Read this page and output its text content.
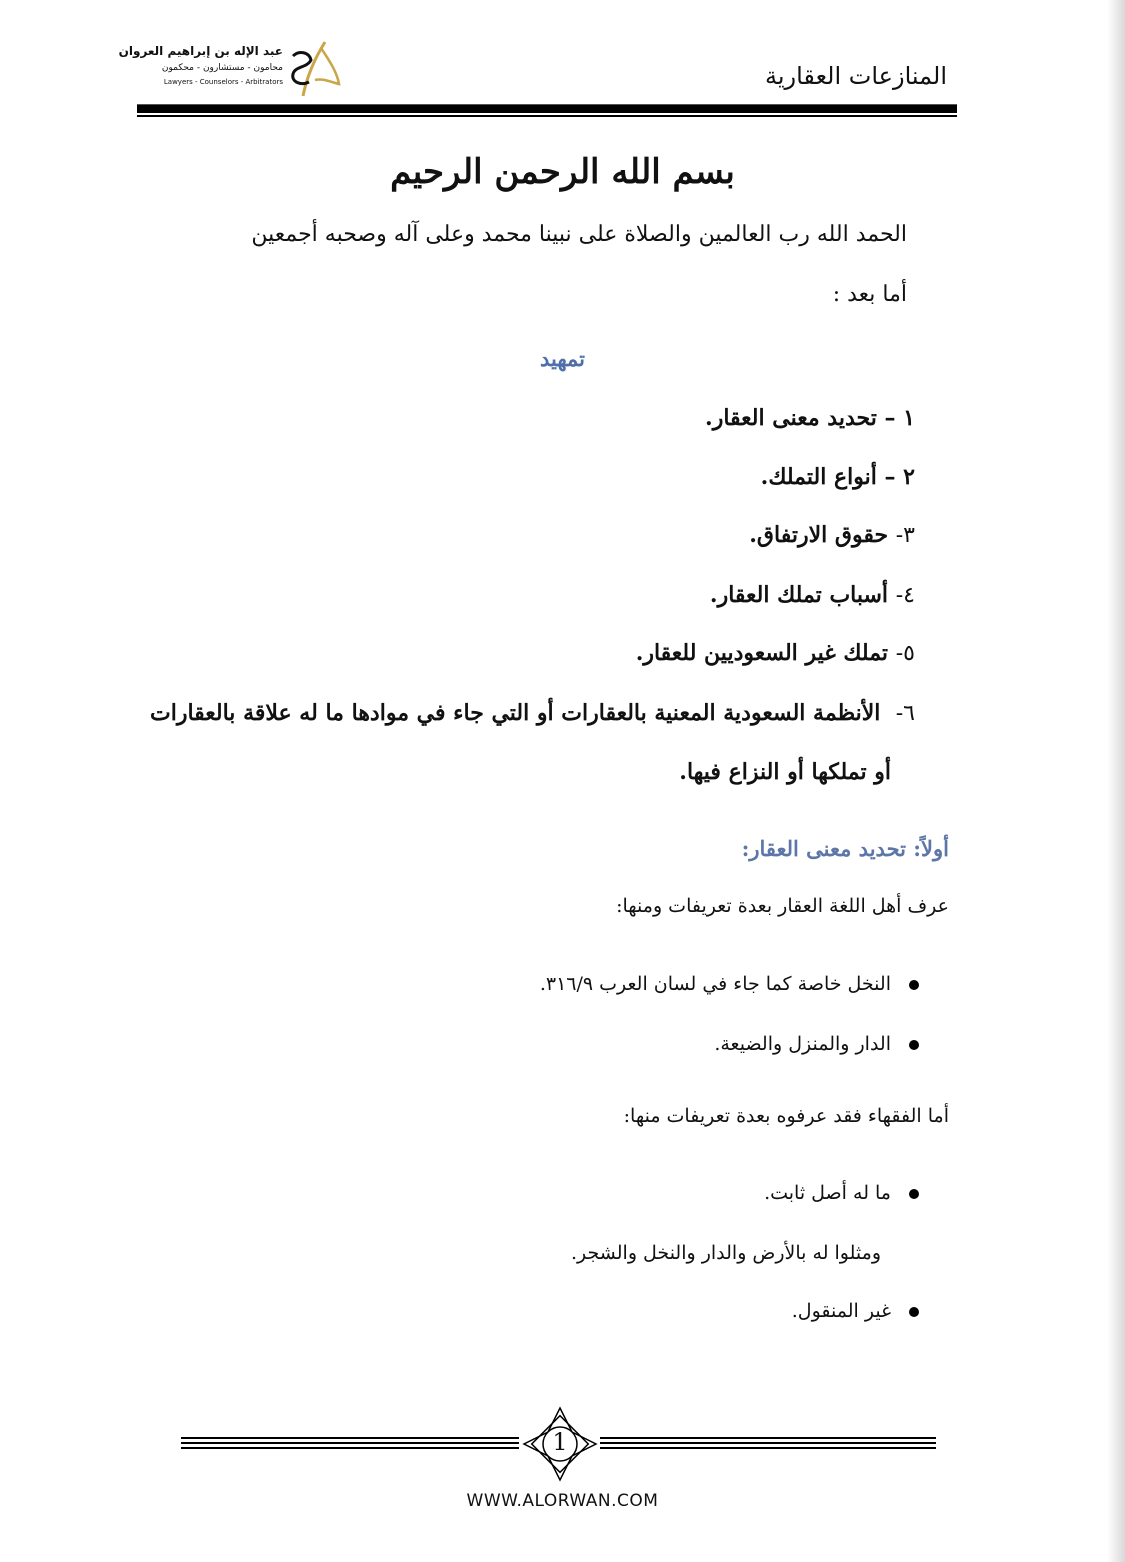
عبد الإله بن إبراهيم العروان
محامون - مستشارون - محكمون
Lawyers - Counselors - Arbitrators	المنازعات العقارية
بسم الله الرحمن الرحيم
الحمد الله رب العالمين والصلاة على نبينا محمد وعلى آله وصحبه أجمعين
أما بعد :
تمهيد
١ – تحديد معنى العقار.
٢ – أنواع التملك.
٣- حقوق الارتفاق.
٤- أسباب تملك العقار.
٥- تملك غير السعوديين للعقار.
٦-  الأنظمة السعودية المعنية بالعقارات أو التي جاء في موادها ما له علاقة بالعقارات
أو تملكها أو النزاع فيها.
أولاً: تحديد معنى العقار:
عرف أهل اللغة العقار بعدة تعريفات ومنها:
النخل خاصة كما جاء في لسان العرب ٣١٦/٩.
الدار والمنزل والضيعة.
أما الفقهاء فقد عرفوه بعدة تعريفات منها:
ما له أصل ثابت.
ومثلوا له بالأرض والدار والنخل والشجر.
غير المنقول.
1
WWW.ALORWAN.COM
